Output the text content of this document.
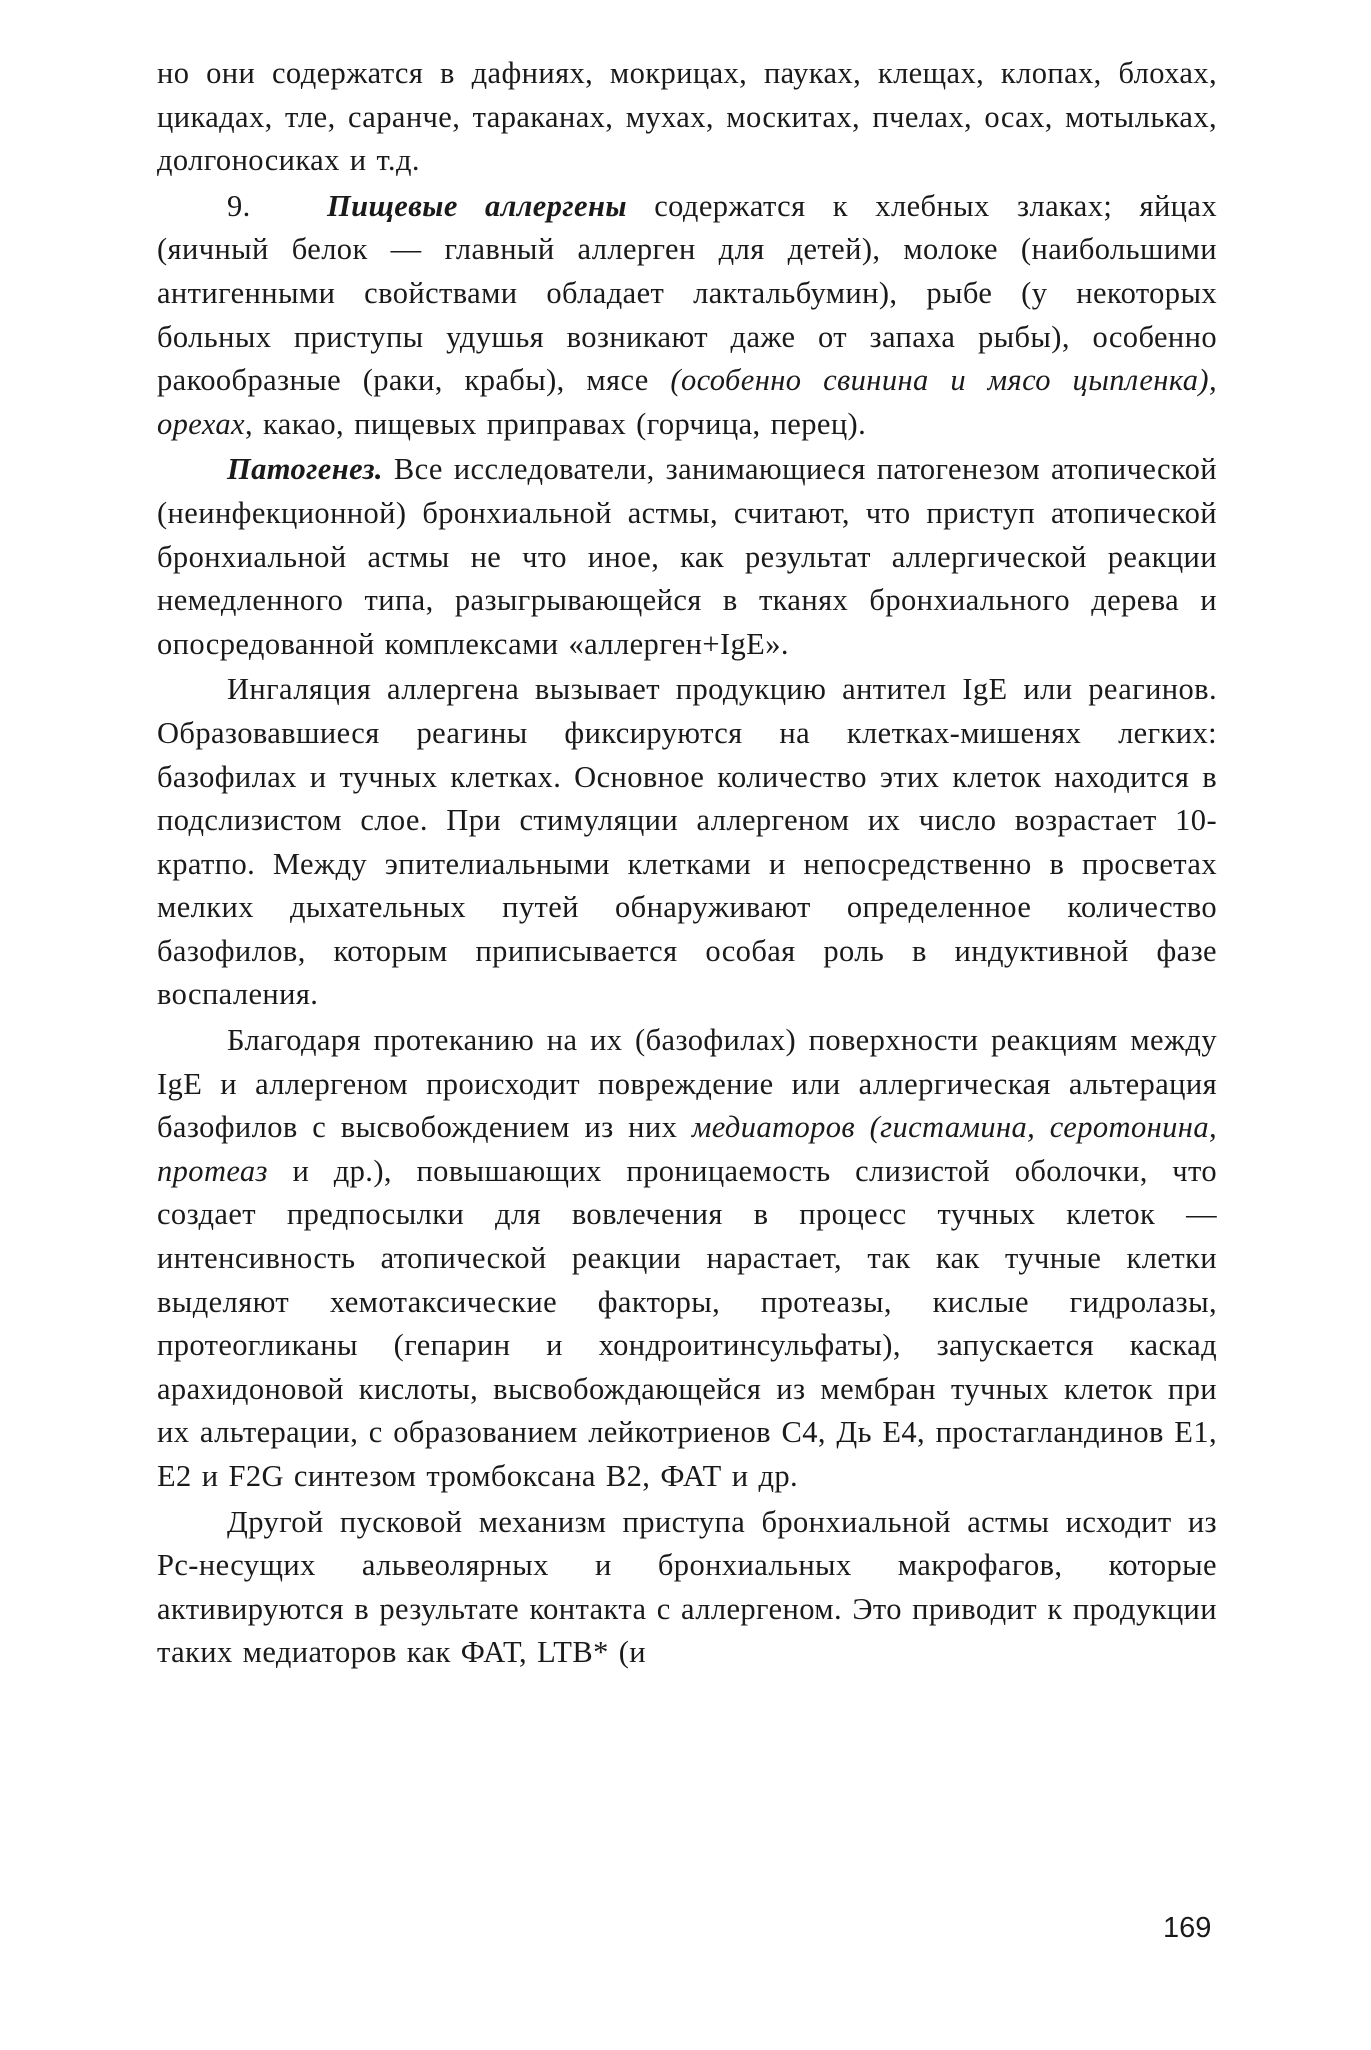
но они содержатся в дафниях, мокрицах, пауках, клещах, клопах, блохах, цикадах, тле, саранче, тараканах, мухах, москитах, пчелах, осах, мотыльках, долгоносиках и т.д.

9.	Пищевые аллергены содержатся к хлебных злаках; яйцах (яичный белок — главный аллерген для детей), молоке (наибольшими антигенными свойствами обладает лактальбумин), рыбе (у некоторых больных приступы удушья возникают даже от запаха рыбы), особенно ракообразные (раки, крабы), мясе (особенно свинина и мясо цыпленка), орехах, какао, пищевых приправах (горчица, перец).

Патогенез. Все исследователи, занимающиеся патогенезом атопической (неинфекционной) бронхиальной астмы, считают, что приступ атопической бронхиальной астмы не что иное, как результат аллергической реакции немедленного типа, разыгрывающейся в тканях бронхиального дерева и опосредованной комплексами «аллерген+IgE».

Ингаляция аллергена вызывает продукцию антител IgE или реагинов. Образовавшиеся реагины фиксируются на клетках-мишенях легких: базофилах и тучных клетках. Основное количество этих клеток находится в подслизистом слое. При стимуляции аллергеном их число возрастает 10-кратпо. Между эпителиальными клетками и непосредственно в просветах мелких дыхательных путей обнаруживают определенное количество базофилов, которым приписывается особая роль в индуктивной фазе воспаления.

Благодаря протеканию на их (базофилах) поверхности реакциям между IgE и аллергеном происходит повреждение или аллергическая альтерация базофилов с высвобождением из них медиаторов (гистамина, серотонина, протеаз и др.), повышающих проницаемость слизистой оболочки, что создает предпосылки для вовлечения в процесс тучных клеток — интенсивность атопической реакции нарастает, так как тучные клетки выделяют хемотаксические факторы, протеазы, кислые гидролазы, протеогликаны (гепарин и хондроитинсульфаты), запускается каскад арахидоновой кислоты, высвобождающейся из мембран тучных клеток при их альтерации, с образованием лейкотриенов C4, Дь E4, простагландинов E1, E2 и F2G синтезом тромбоксана B2, ФАТ и др.

Другой пусковой механизм приступа бронхиальной астмы исходит из Pc-несущих альвеолярных и бронхиальных макрофагов, которые активируются в результате контакта с аллергеном. Это приводит к продукции таких медиаторов как ФАТ, LTB* (и

169
